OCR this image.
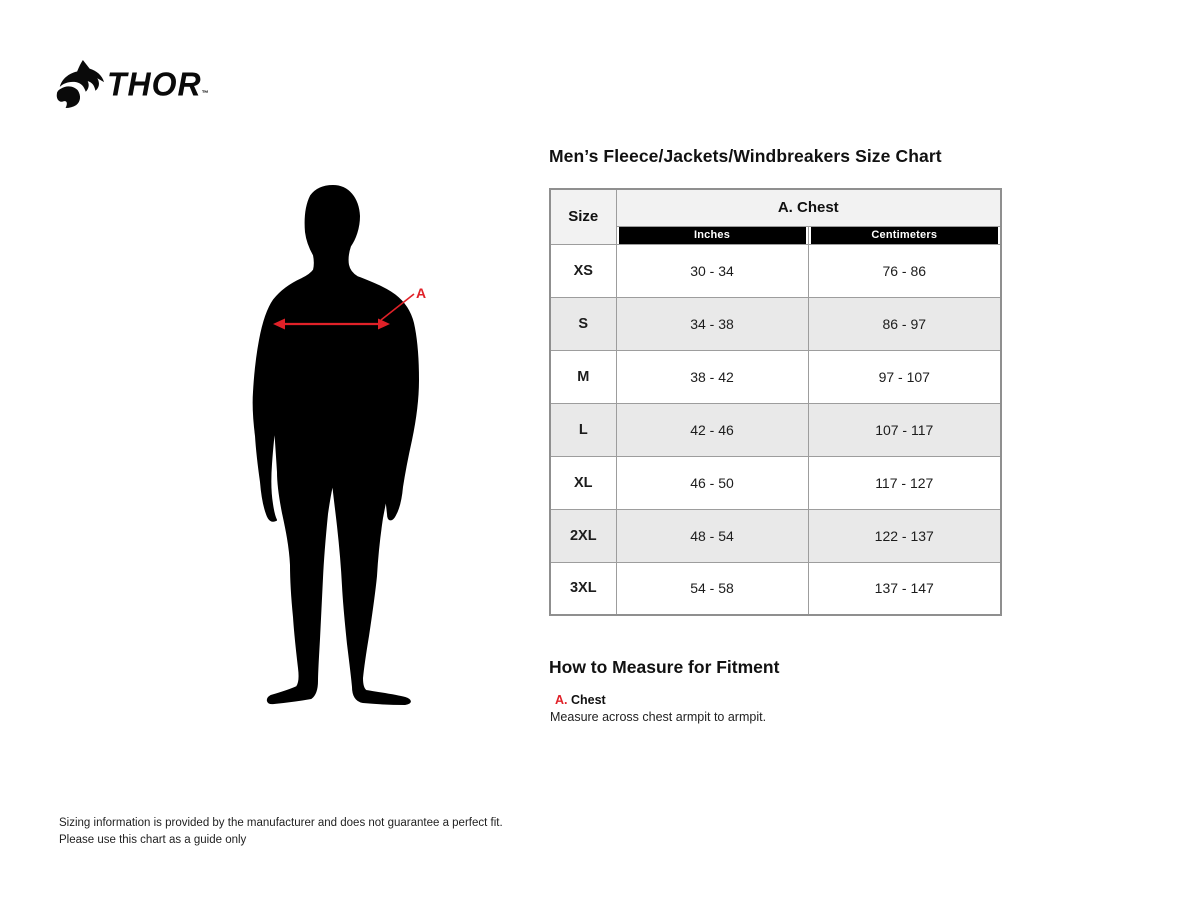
THOR™
A
Men’s Fleece/Jackets/Windbreakers Size Chart
Size	A. Chest	

	Inches	Centimeters

XS	30 - 34	76 - 86
S	34 - 38	86 - 97
M	38 - 42	97 - 107
L	42 - 46	107 - 117
XL	46 - 50	117 - 127
2XL	48 - 54	122 - 137
3XL	54 - 58	137 - 147
How to Measure for Fitment
A. Chest
Measure across chest armpit to armpit.
Sizing information is provided by the manufacturer and does not guarantee a perfect fit.
Please use this chart as a guide only
